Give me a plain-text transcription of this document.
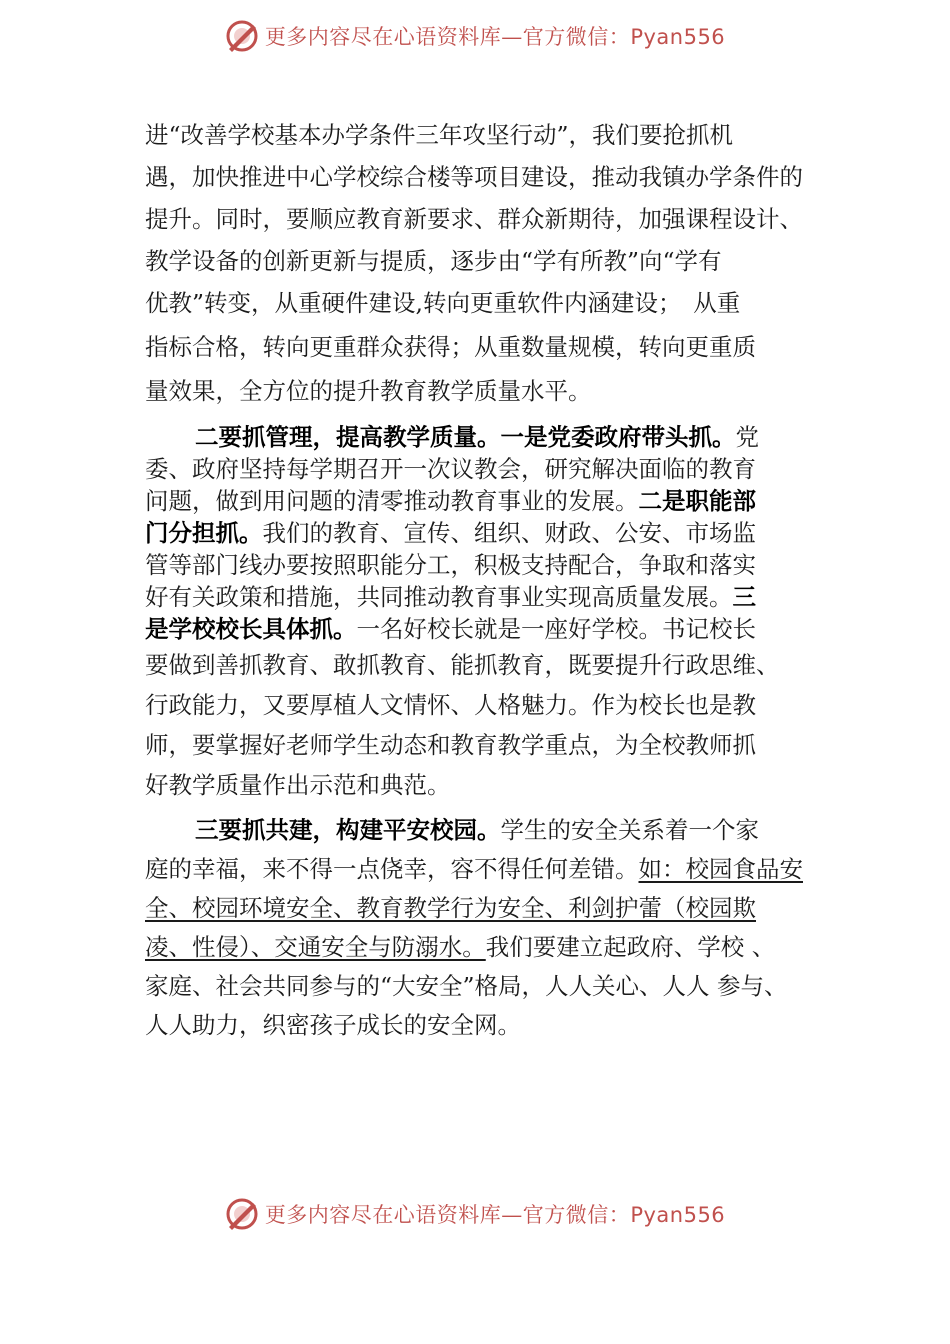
更多内容尽在心语资料库—官方微信：Pyan556
进“改善学校基本办学条件三年攻坚行动”，我们要抢抓机
遇，加快推进中心学校综合楼等项目建设，推动我镇办学条件的
提升。同时，要顺应教育新要求、群众新期待，加强课程设计、
教学设备的创新更新与提质，逐步由“学有所教”向“学有
优教”转变，从重硬件建设,转向更重软件内涵建设；　从重
指标合格，转向更重群众获得；从重数量规模，转向更重质
量效果，全方位的提升教育教学质量水平。
二要抓管理，提高教学质量。一是党委政府带头抓。党
委、政府坚持每学期召开一次议教会，研究解决面临的教育
问题，做到用问题的清零推动教育事业的发展。二是职能部
门分担抓。我们的教育、宣传、组织、财政、公安、市场监
管等部门线办要按照职能分工，积极支持配合，争取和落实
好有关政策和措施，共同推动教育事业实现高质量发展。三
是学校校长具体抓。一名好校长就是一座好学校。书记校长
要做到善抓教育、敢抓教育、能抓教育，既要提升行政思维、
行政能力，又要厚植人文情怀、人格魅力。作为校长也是教
师，要掌握好老师学生动态和教育教学重点，为全校教师抓
好教学质量作出示范和典范。
三要抓共建，构建平安校园。学生的安全关系着一个家
庭的幸福，来不得一点侥幸，容不得任何差错。如：校园食品安
全、校园环境安全、教育教学行为安全、利剑护蕾（校园欺
凌、性侵）、交通安全与防溺水。我们要建立起政府、学校 、
家庭、社会共同参与的“大安全”格局，人人关心、人人 参与、
人人助力，织密孩子成长的安全网。
更多内容尽在心语资料库—官方微信：Pyan556
